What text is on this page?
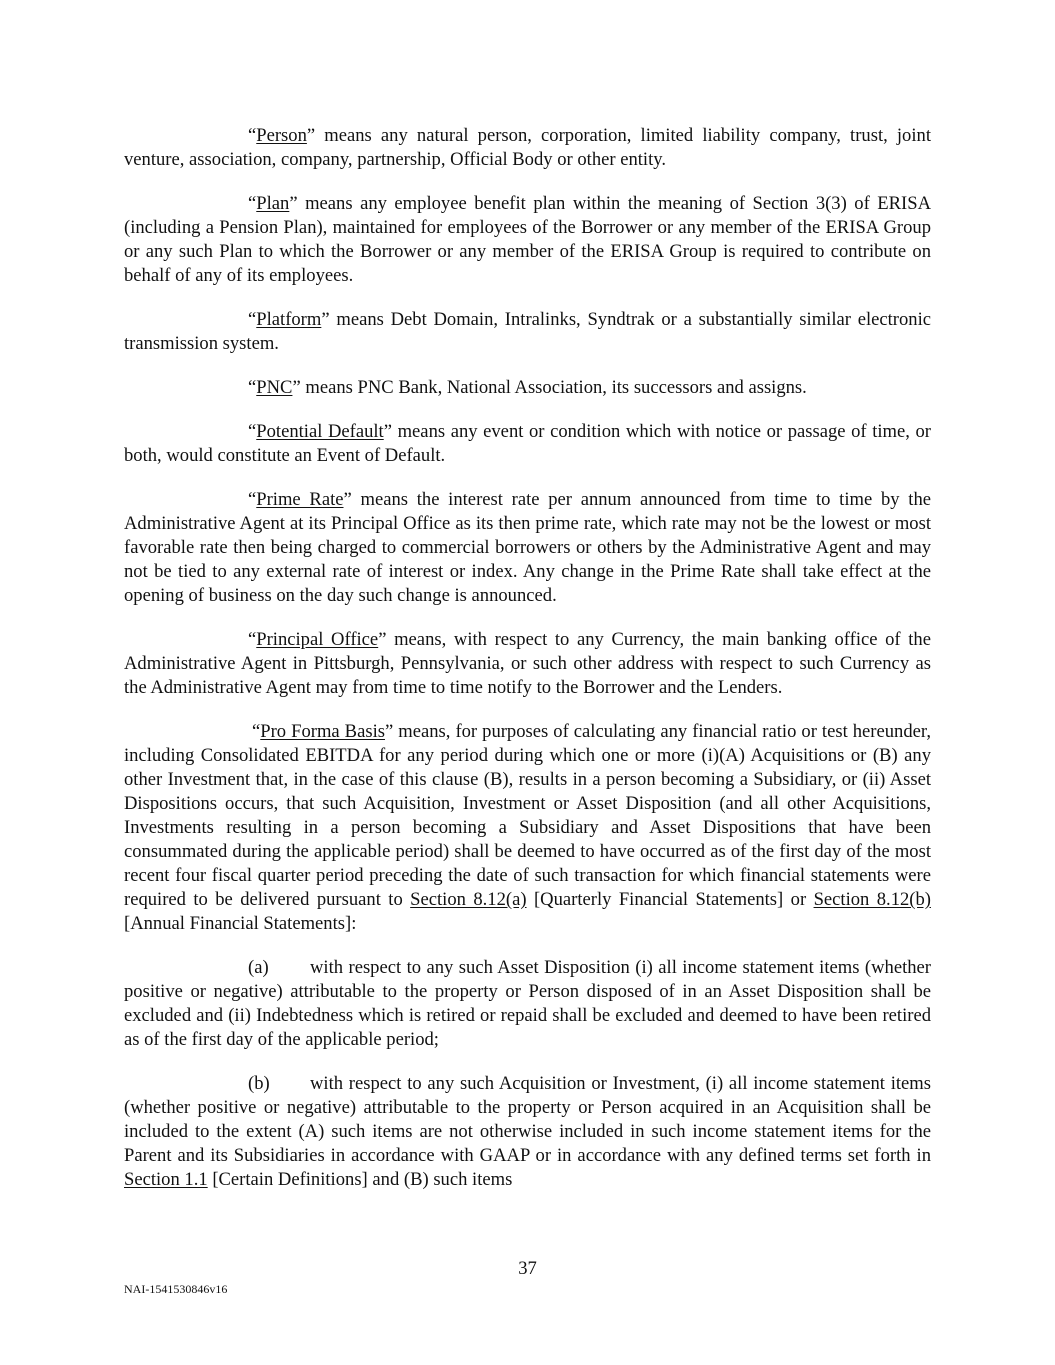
“Person” means any natural person, corporation, limited liability company, trust, joint venture, association, company, partnership, Official Body or other entity.

“Plan” means any employee benefit plan within the meaning of Section 3(3) of ERISA (including a Pension Plan), maintained for employees of the Borrower or any member of the ERISA Group or any such Plan to which the Borrower or any member of the ERISA Group is required to contribute on behalf of any of its employees.

“Platform” means Debt Domain, Intralinks, Syndtrak or a substantially similar electronic transmission system.

“PNC” means PNC Bank, National Association, its successors and assigns.

“Potential Default” means any event or condition which with notice or passage of time, or both, would constitute an Event of Default.

“Prime Rate” means the interest rate per annum announced from time to time by the Administrative Agent at its Principal Office as its then prime rate, which rate may not be the lowest or most favorable rate then being charged to commercial borrowers or others by the Administrative Agent and may not be tied to any external rate of interest or index. Any change in the Prime Rate shall take effect at the opening of business on the day such change is announced.

“Principal Office” means, with respect to any Currency, the main banking office of the Administrative Agent in Pittsburgh, Pennsylvania, or such other address with respect to such Currency as the Administrative Agent may from time to time notify to the Borrower and the Lenders.

“Pro Forma Basis” means, for purposes of calculating any financial ratio or test hereunder, including Consolidated EBITDA for any period during which one or more (i)(A) Acquisitions or (B) any other Investment that, in the case of this clause (B), results in a person becoming a Subsidiary, or (ii) Asset Dispositions occurs, that such Acquisition, Investment or Asset Disposition (and all other Acquisitions, Investments resulting in a person becoming a Subsidiary and Asset Dispositions that have been consummated during the applicable period) shall be deemed to have occurred as of the first day of the most recent four fiscal quarter period preceding the date of such transaction for which financial statements were required to be delivered pursuant to Section 8.12(a) [Quarterly Financial Statements] or Section 8.12(b) [Annual Financial Statements]:

(a) with respect to any such Asset Disposition (i) all income statement items (whether positive or negative) attributable to the property or Person disposed of in an Asset Disposition shall be excluded and (ii) Indebtedness which is retired or repaid shall be excluded and deemed to have been retired as of the first day of the applicable period;

(b) with respect to any such Acquisition or Investment, (i) all income statement items (whether positive or negative) attributable to the property or Person acquired in an Acquisition shall be included to the extent (A) such items are not otherwise included in such income statement items for the Parent and its Subsidiaries in accordance with GAAP or in accordance with any defined terms set forth in Section 1.1 [Certain Definitions] and (B) such items

37
NAI-1541530846v16
